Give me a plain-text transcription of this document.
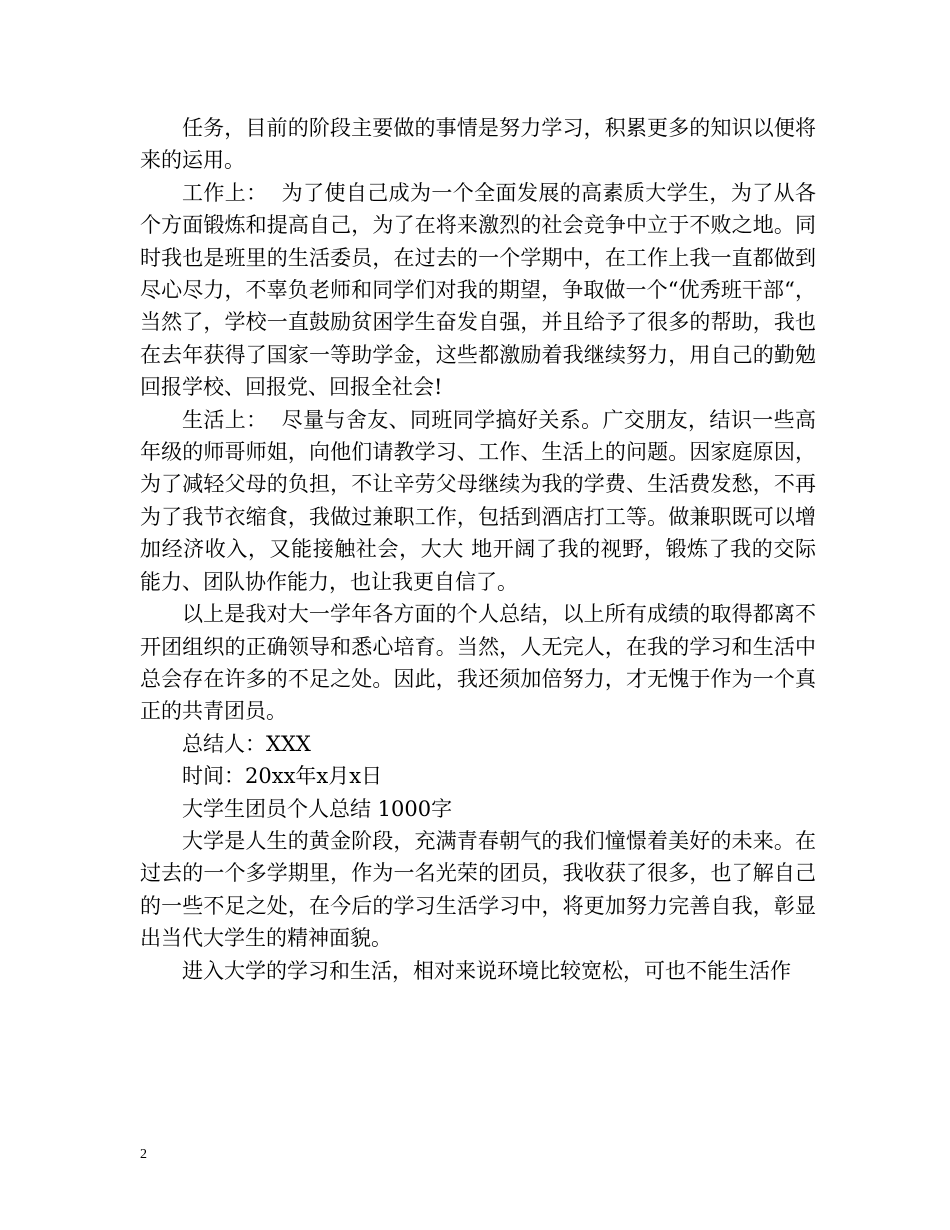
任务，目前的阶段主要做的事情是努力学习，积累更多的知识以便将来的运用。

工作上：  为了使自己成为一个全面发展的高素质大学生，为了从各个方面锻炼和提高自己，为了在将来激烈的社会竞争中立于不败之地。同时我也是班里的生活委员，在过去的一个学期中，在工作上我一直都做到尽心尽力，不辜负老师和同学们对我的期望，争取做一个“优秀班干部“，当然了，学校一直鼓励贫困学生奋发自强，并且给予了很多的帮助，我也在去年获得了国家一等助学金，这些都激励着我继续努力，用自己的勤勉回报学校、回报党、回报全社会!

生活上：  尽量与舍友、同班同学搞好关系。广交朋友，结识一些高年级的师哥师姐，向他们请教学习、工作、生活上的问题。因家庭原因，为了减轻父母的负担，不让辛劳父母继续为我的学费、生活费发愁，不再为了我节衣缩食，我做过兼职工作，包括到酒店打工等。做兼职既可以增加经济收入，又能接触社会，大大 地开阔了我的视野，锻炼了我的交际能力、团队协作能力，也让我更自信了。

以上是我对大一学年各方面的个人总结，以上所有成绩的取得都离不开团组织的正确领导和悉心培育。当然，人无完人，在我的学习和生活中总会存在许多的不足之处。因此，我还须加倍努力，才无愧于作为一个真正的共青团员。

总结人：XXX

时间：20xx年x月x日

大学生团员个人总结 1000字

大学是人生的黄金阶段，充满青春朝气的我们憧憬着美好的未来。在过去的一个多学期里，作为一名光荣的团员，我收获了很多，也了解自己的一些不足之处，在今后的学习生活学习中，将更加努力完善自我，彰显出当代大学生的精神面貌。

进入大学的学习和生活，相对来说环境比较宽松，可也不能生活作

2
